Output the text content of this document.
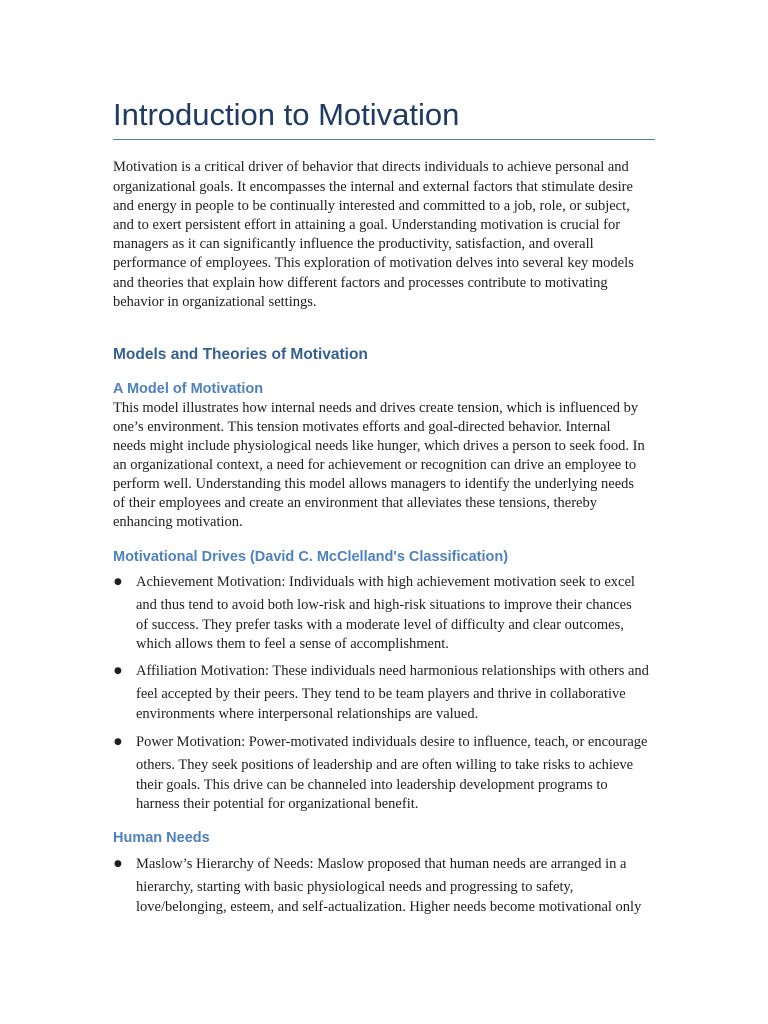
Introduction to Motivation
Motivation is a critical driver of behavior that directs individuals to achieve personal and
organizational goals. It encompasses the internal and external factors that stimulate desire
and energy in people to be continually interested and committed to a job, role, or subject,
and to exert persistent effort in attaining a goal. Understanding motivation is crucial for
managers as it can significantly influence the productivity, satisfaction, and overall
performance of employees. This exploration of motivation delves into several key models
and theories that explain how different factors and processes contribute to motivating
behavior in organizational settings.
Models and Theories of Motivation
A Model of Motivation
This model illustrates how internal needs and drives create tension, which is influenced by
one’s environment. This tension motivates efforts and goal-directed behavior. Internal
needs might include physiological needs like hunger, which drives a person to seek food. In
an organizational context, a need for achievement or recognition can drive an employee to
perform well. Understanding this model allows managers to identify the underlying needs
of their employees and create an environment that alleviates these tensions, thereby
enhancing motivation.
Motivational Drives (David C. McClelland's Classification)
● Achievement Motivation: Individuals with high achievement motivation seek to excel
and thus tend to avoid both low-risk and high-risk situations to improve their chances
of success. They prefer tasks with a moderate level of difficulty and clear outcomes,
which allows them to feel a sense of accomplishment.
● Affiliation Motivation: These individuals need harmonious relationships with others and
feel accepted by their peers. They tend to be team players and thrive in collaborative
environments where interpersonal relationships are valued.
● Power Motivation: Power-motivated individuals desire to influence, teach, or encourage
others. They seek positions of leadership and are often willing to take risks to achieve
their goals. This drive can be channeled into leadership development programs to
harness their potential for organizational benefit.
Human Needs
● Maslow’s Hierarchy of Needs: Maslow proposed that human needs are arranged in a
hierarchy, starting with basic physiological needs and progressing to safety,
love/belonging, esteem, and self-actualization. Higher needs become motivational only
